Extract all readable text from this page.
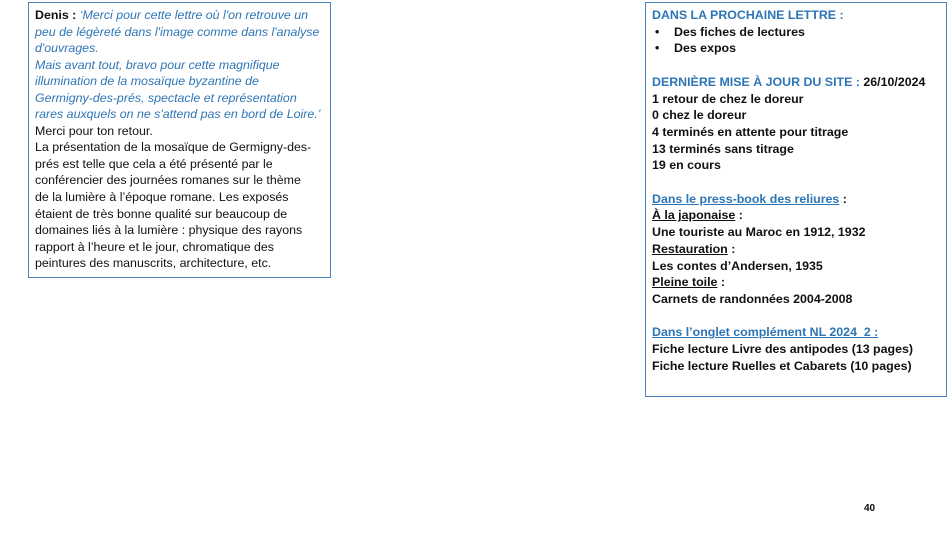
Denis : ‘Merci pour cette lettre où l'on retrouve un

peu de légèreté dans l'image comme dans l'analyse

d'ouvrages.

Mais avant tout, bravo pour cette magnifique

illumination de la mosaïque byzantine de

Germigny-des-prés, spectacle et représentation

rares auxquels on ne s'attend pas en bord de Loire.’

Merci pour ton retour.

La présentation de la mosaïque de Germigny-des-

prés est telle que cela a été présenté par le

conférencier des journées romanes sur le thème

de la lumière à l’époque romane. Les exposés

étaient de très bonne qualité sur beaucoup de

domaines liés à la lumière : physique des rayons

rapport à l’heure et le jour, chromatique des

peintures des manuscrits, architecture, etc.

DANS LA PROCHAINE LETTRE :
•	Des fiches de lectures
•	Des expos
DERNIÈRE MISE À JOUR DU SITE : 26/10/2024
1 retour de chez le doreur
0 chez le doreur
4 terminés en attente pour titrage
13 terminés sans titrage
19 en cours
Dans le press-book des reliures :
À la japonaise :
Une touriste au Maroc en 1912, 1932
Restauration :
Les contes d’Andersen, 1935
Pleine toile :
Carnets de randonnées 2004-2008
Dans l’onglet complément NL 2024_2 :
Fiche lecture Livre des antipodes (13 pages)
Fiche lecture Ruelles et Cabarets (10 pages)
40
